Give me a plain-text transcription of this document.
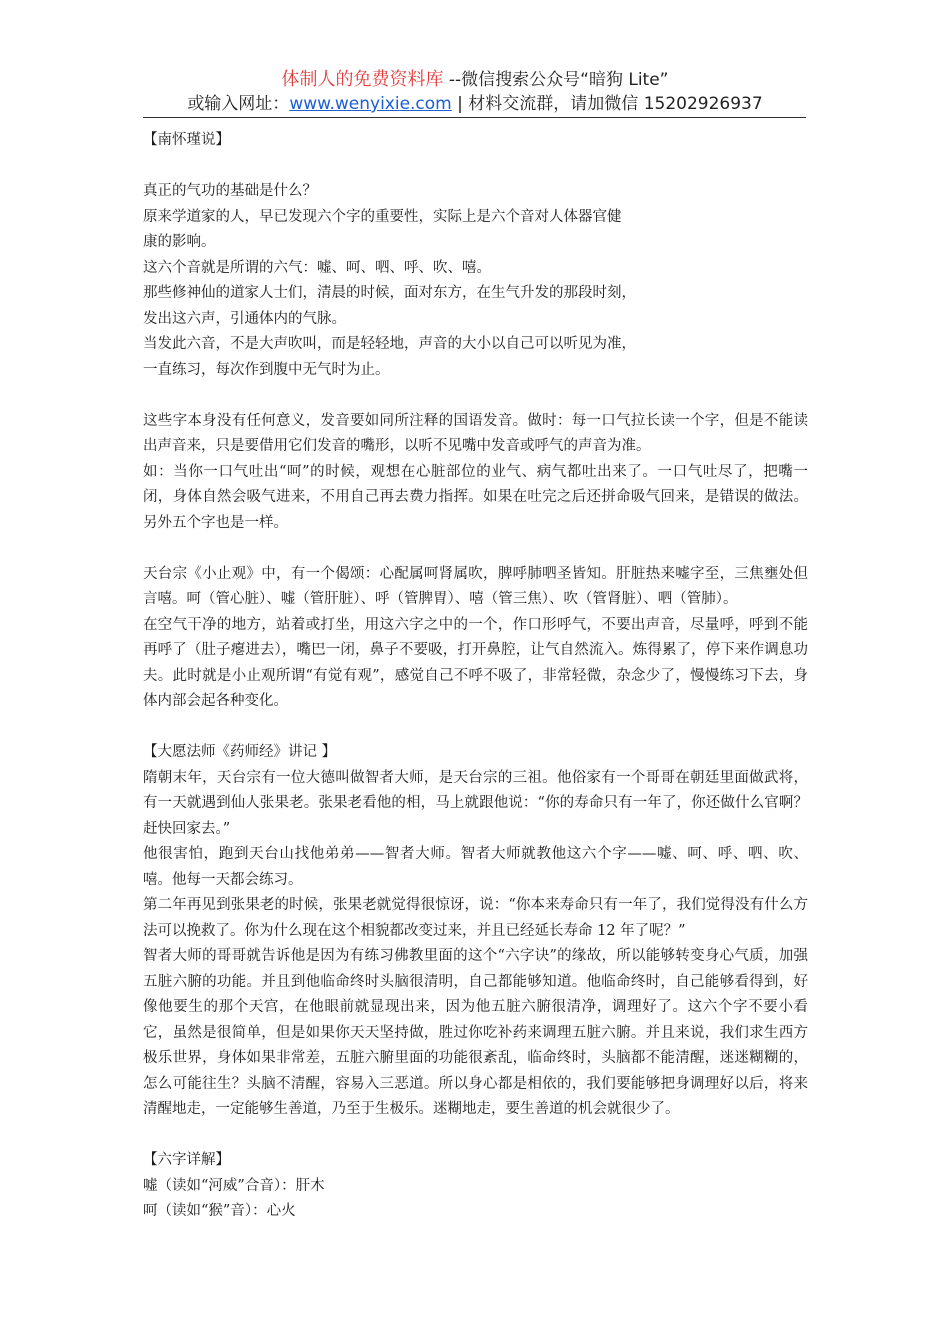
体制人的免费资料库 --微信搜索公众号“暗狗 Lite”
或输入网址：www.wenyixie.com | 材料交流群，请加微信 15202926937

【南怀瑾说】

真正的气功的基础是什么？

原来学道家的人，早已发现六个字的重要性，实际上是六个音对人体器官健

康的影响。

这六个音就是所谓的六气：嘘、呵、呬、呼、吹、嘻。

那些修神仙的道家人士们，清晨的时候，面对东方，在生气升发的那段时刻，

发出这六声，引通体内的气脉。

当发此六音，不是大声吹叫，而是轻轻地，声音的大小以自己可以听见为准，

一直练习，每次作到腹中无气时为止。

这些字本身没有任何意义，发音要如同所注释的国语发音。做时：每一口气拉长读一个字，但是不能读出声音来，只是要借用它们发音的嘴形，以听不见嘴中发音或呼气的声音为准。

如：当你一口气吐出“呵”的时候，观想在心脏部位的业气、病气都吐出来了。一口气吐尽了，把嘴一闭，身体自然会吸气进来，不用自己再去费力指挥。如果在吐完之后还拼命吸气回来，是错误的做法。另外五个字也是一样。

天台宗《小止观》中，有一个偈颂：心配属呵肾属吹，脾呼肺呬圣皆知。肝脏热来嘘字至，三焦壅处但言嘻。呵（管心脏）、嘘（管肝脏）、呼（管脾胃）、嘻（管三焦）、吹（管肾脏）、呬（管肺）。

在空气干净的地方，站着或打坐，用这六字之中的一个，作口形呼气，不要出声音，尽量呼，呼到不能再呼了（肚子瘪进去），嘴巴一闭，鼻子不要吸，打开鼻腔，让气自然流入。炼得累了，停下来作调息功夫。此时就是小止观所谓“有觉有观”，感觉自己不呼不吸了，非常轻微，杂念少了，慢慢练习下去，身体内部会起各种变化。

【大愿法师《药师经》讲记 】

隋朝末年，天台宗有一位大德叫做智者大师，是天台宗的三祖。他俗家有一个哥哥在朝廷里面做武将，有一天就遇到仙人张果老。张果老看他的相，马上就跟他说：“你的寿命只有一年了，你还做什么官啊？赶快回家去。”

他很害怕，跑到天台山找他弟弟——智者大师。智者大师就教他这六个字——嘘、呵、呼、呬、吹、嘻。他每一天都会练习。

第二年再见到张果老的时候，张果老就觉得很惊讶，说：“你本来寿命只有一年了，我们觉得没有什么方法可以挽救了。你为什么现在这个相貌都改变过来，并且已经延长寿命 12 年了呢？”

智者大师的哥哥就告诉他是因为有练习佛教里面的这个“六字诀”的缘故，所以能够转变身心气质，加强五脏六腑的功能。并且到他临命终时头脑很清明，自己都能够知道。他临命终时，自己能够看得到，好像他要生的那个天宫，在他眼前就显现出来，因为他五脏六腑很清净，调理好了。这六个字不要小看它，虽然是很简单，但是如果你天天坚持做，胜过你吃补药来调理五脏六腑。并且来说，我们求生西方极乐世界，身体如果非常差，五脏六腑里面的功能很紊乱，临命终时，头脑都不能清醒，迷迷糊糊的，怎么可能往生？头脑不清醒，容易入三恶道。所以身心都是相依的，我们要能够把身调理好以后，将来清醒地走，一定能够生善道，乃至于生极乐。迷糊地走，要生善道的机会就很少了。

【六字详解】

嘘（读如“河威”合音）：肝木

呵（读如“猴”音）：心火
